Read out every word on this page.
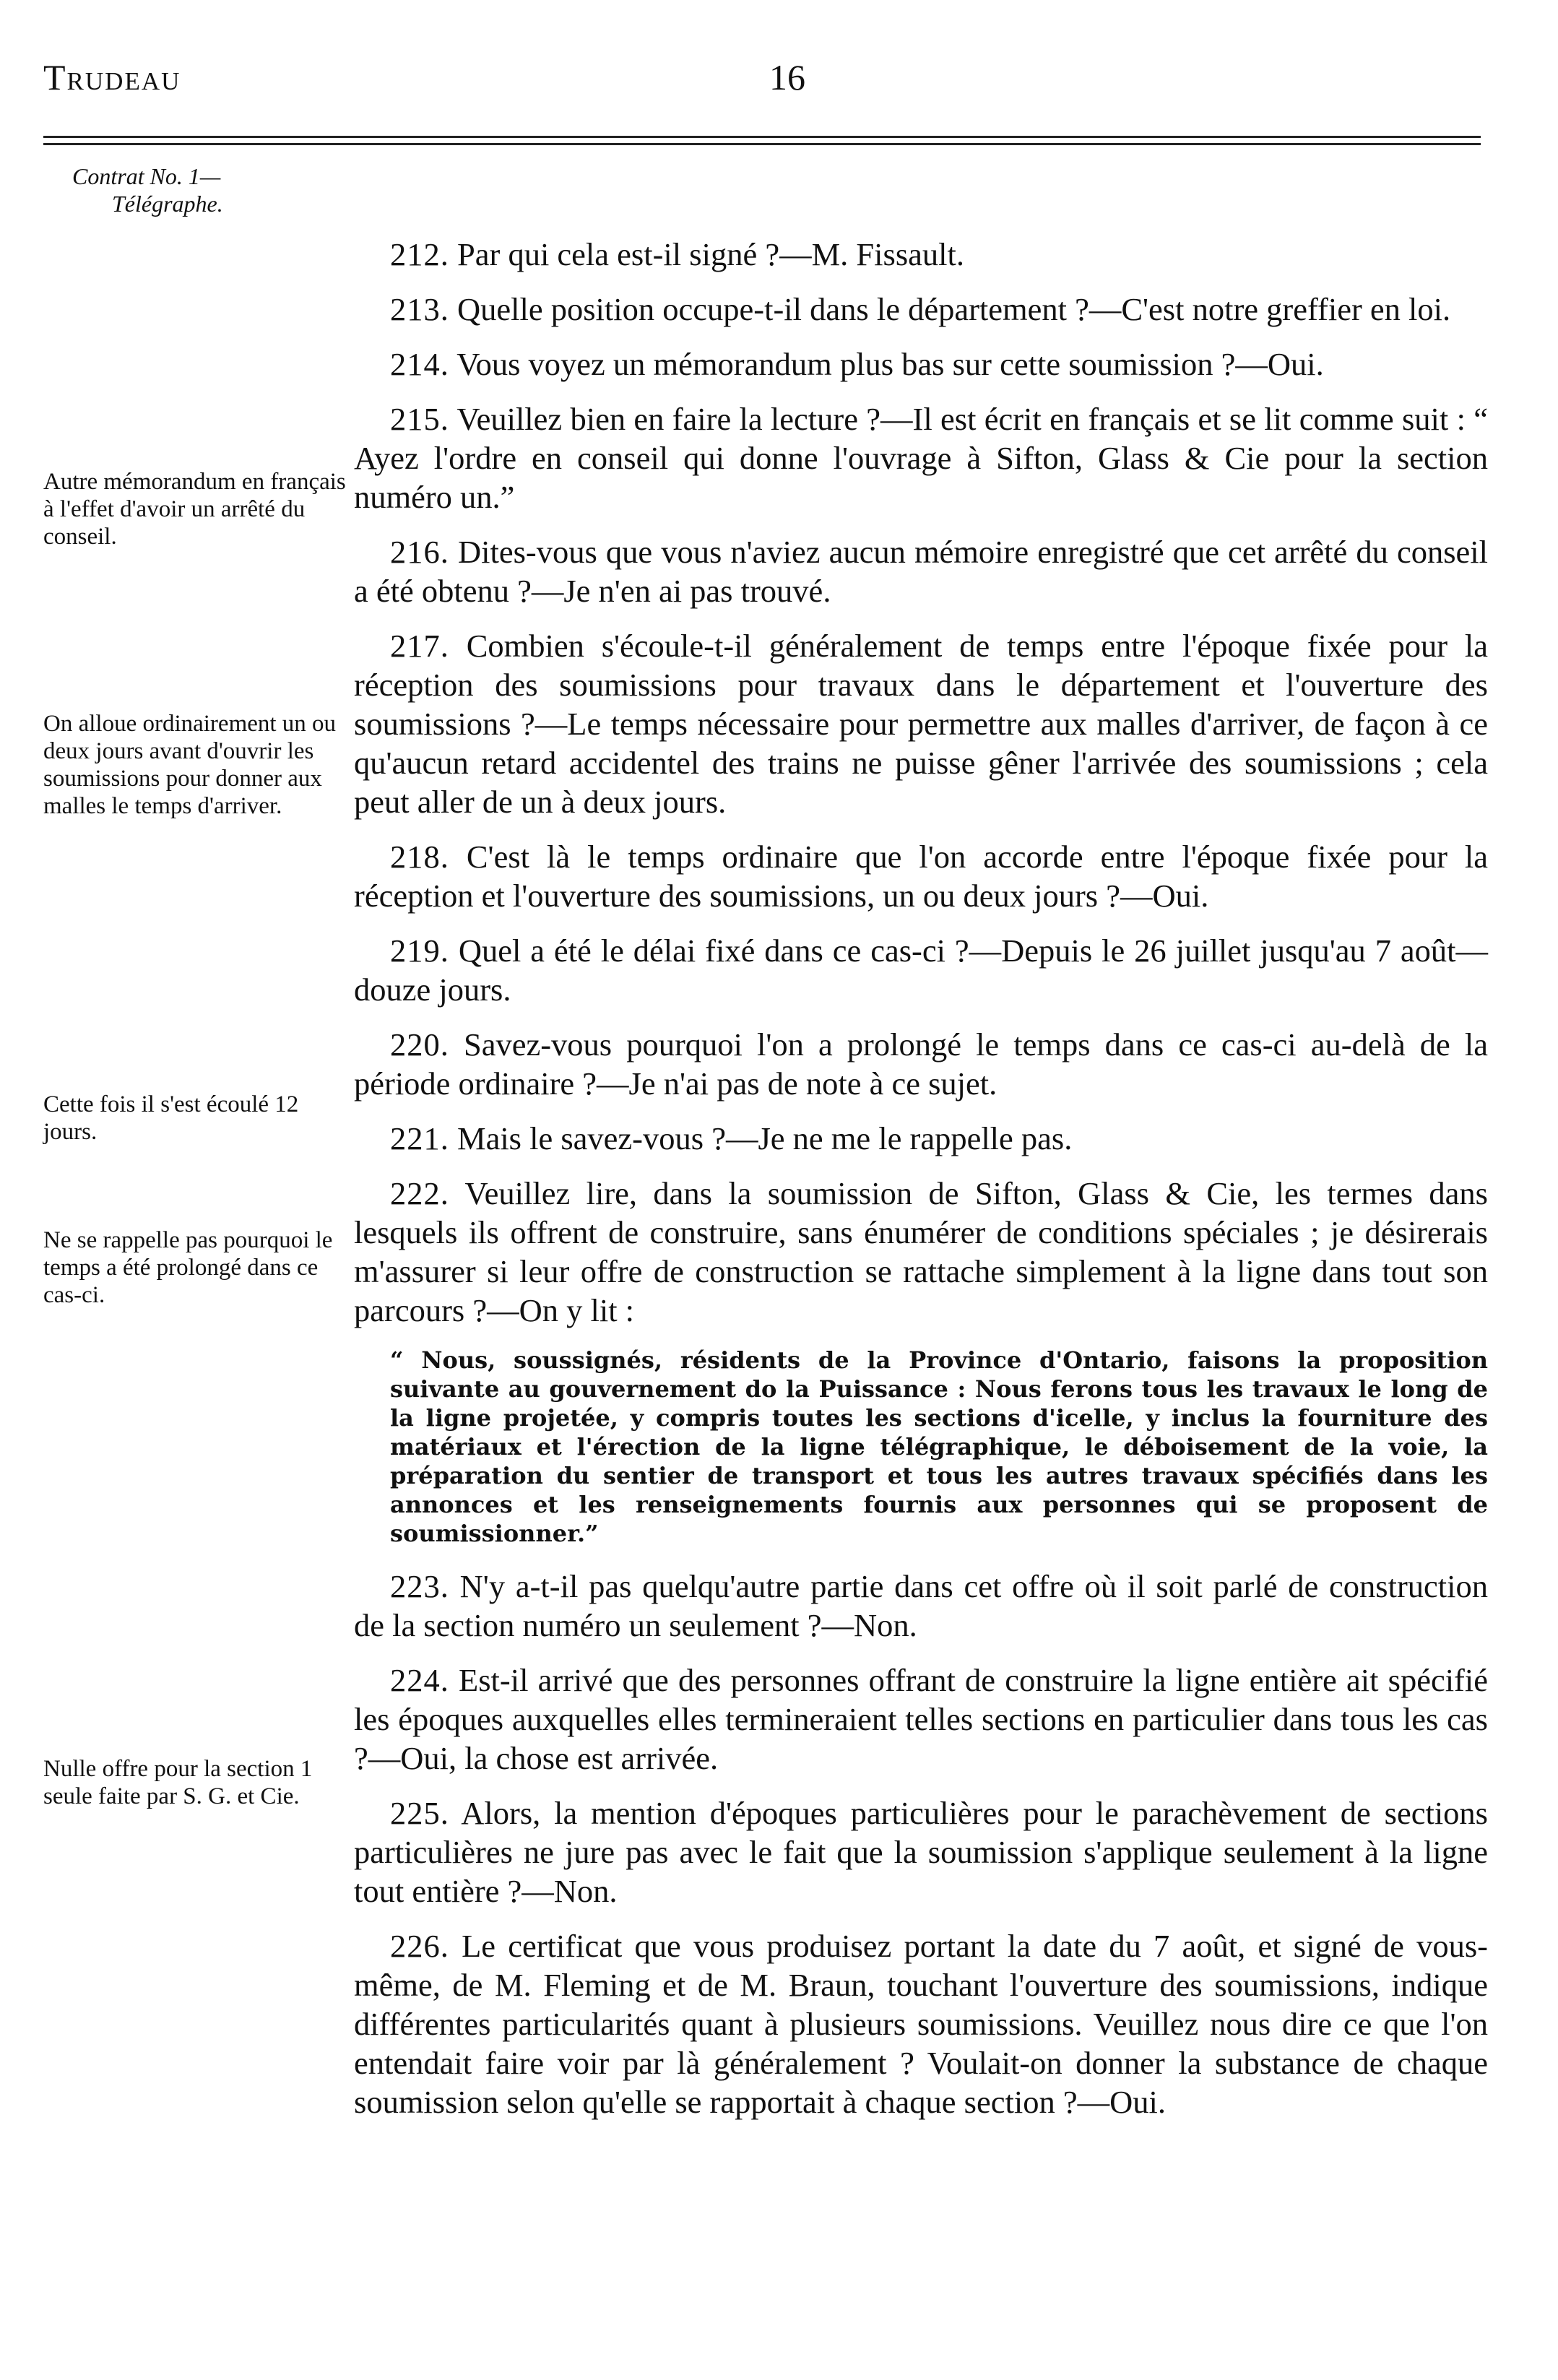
Trudeau	16
Contrat No. 1—
Télégraphe.
Autre mémorandum en français à l'effet d'avoir un arrêté du conseil.
On alloue ordinairement un ou deux jours avant d'ouvrir les soumissions pour donner aux malles le temps d'arriver.
Cette fois il s'est écoulé 12 jours.
Ne se rappelle pas pourquoi le temps a été prolongé dans ce cas-ci.
Nulle offre pour la section 1 seule faite par S. G. et Cie.

212. Par qui cela est-il signé ?—M. Fissault.

213. Quelle position occupe-t-il dans le département ?—C'est notre greffier en loi.

214. Vous voyez un mémorandum plus bas sur cette soumission ?—Oui.

215. Veuillez bien en faire la lecture ?—Il est écrit en français et se lit comme suit : “ Ayez l'ordre en conseil qui donne l'ouvrage à Sifton, Glass & Cie pour la section numéro un.”

216. Dites-vous que vous n'aviez aucun mémoire enregistré que cet arrêté du conseil a été obtenu ?—Je n'en ai pas trouvé.

217. Combien s'écoule-t-il généralement de temps entre l'époque fixée pour la réception des soumissions pour travaux dans le département et l'ouverture des soumissions ?—Le temps nécessaire pour permettre aux malles d'arriver, de façon à ce qu'aucun retard accidentel des trains ne puisse gêner l'arrivée des soumissions ; cela peut aller de un à deux jours.

218. C'est là le temps ordinaire que l'on accorde entre l'époque fixée pour la réception et l'ouverture des soumissions, un ou deux jours ?—Oui.

219. Quel a été le délai fixé dans ce cas-ci ?—Depuis le 26 juillet jusqu'au 7 août—douze jours.

220. Savez-vous pourquoi l'on a prolongé le temps dans ce cas-ci au-delà de la période ordinaire ?—Je n'ai pas de note à ce sujet.

221. Mais le savez-vous ?—Je ne me le rappelle pas.

222. Veuillez lire, dans la soumission de Sifton, Glass & Cie, les termes dans lesquels ils offrent de construire, sans énumérer de conditions spéciales ; je désirerais m'assurer si leur offre de construction se rattache simplement à la ligne dans tout son parcours ?—On y lit :

“ Nous, soussignés, résidents de la Province d'Ontario, faisons la proposition suivante au gouvernement do la Puissance : Nous ferons tous les travaux le long de la ligne projetée, y compris toutes les sections d'icelle, y inclus la fourniture des matériaux et l'érection de la ligne télégraphique, le déboisement de la voie, la préparation du sentier de transport et tous les autres travaux spécifiés dans les annonces et les renseignements fournis aux personnes qui se proposent de soumissionner.”

223. N'y a-t-il pas quelqu'autre partie dans cet offre où il soit parlé de construction de la section numéro un seulement ?—Non.

224. Est-il arrivé que des personnes offrant de construire la ligne entière ait spécifié les époques auxquelles elles termineraient telles sections en particulier dans tous les cas ?—Oui, la chose est arrivée.

225. Alors, la mention d'époques particulières pour le parachèvement de sections particulières ne jure pas avec le fait que la soumission s'applique seulement à la ligne tout entière ?—Non.

226. Le certificat que vous produisez portant la date du 7 août, et signé de vous-même, de M. Fleming et de M. Braun, touchant l'ouverture des soumissions, indique différentes particularités quant à plusieurs soumissions. Veuillez nous dire ce que l'on entendait faire voir par là généralement ? Voulait-on donner la substance de chaque soumission selon qu'elle se rapportait à chaque section ?—Oui.
